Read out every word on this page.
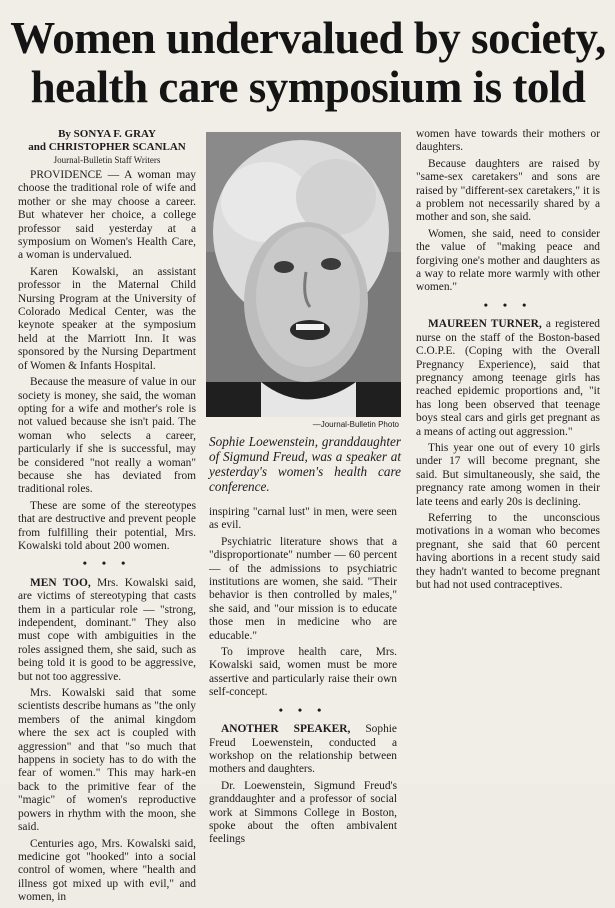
Women undervalued by society, health care symposium is told
By SONYA F. GRAY
and CHRISTOPHER SCANLAN
Journal-Bulletin Staff Writers

PROVIDENCE — A woman may choose the traditional role of wife and mother or she may choose a career. But whatever her choice, a college professor said yesterday at a symposium on Women's Health Care, a woman is undervalued.

Karen Kowalski, an assistant professor in the Maternal Child Nursing Program at the University of Colorado Medical Center, was the keynote speaker at the symposium held at the Marriott Inn. It was sponsored by the Nursing Department of Women & Infants Hospital.

Because the measure of value in our society is money, she said, the woman opting for a wife and mother's role is not valued because she isn't paid. The woman who selects a career, particularly if she is successful, may be considered "not really a woman" because she has deviated from traditional roles.

These are some of the stereotypes that are destructive and prevent people from fulfilling their potential, Mrs. Kowalski told about 200 women.

• • •

MEN TOO, Mrs. Kowalski said, are victims of stereotyping that casts them in a particular role — "strong, independent, dominant." They also must cope with ambiguities in the roles assigned them, she said, such as being told it is good to be aggressive, but not too aggressive.

Mrs. Kowalski said that some scientists describe humans as "the only members of the animal kingdom where the sex act is coupled with aggression" and that "so much that happens in society has to do with the fear of women." This may hark-en back to the primitive fear of the "magic" of women's reproductive powers in rhythm with the moon, she said.

Centuries ago, Mrs. Kowalski said, medicine got "hooked" into a social control of women, where "health and illness got mixed up with evil," and women, in

—Journal-Bulletin Photo
Sophie Loewenstein, granddaughter of Sigmund Freud, was a speaker at yesterday's women's health care conference.

inspiring "carnal lust" in men, were seen as evil.

Psychiatric literature shows that a "disproportionate" number — 60 percent — of the admissions to psychiatric institutions are women, she said. "Their behavior is then controlled by males," she said, and "our mission is to educate those men in medicine who are educable."

To improve health care, Mrs. Kowalski said, women must be more assertive and particularly raise their own self-concept.

• • •

ANOTHER SPEAKER, Sophie Freud Loewenstein, conducted a workshop on the relationship between mothers and daughters.

Dr. Loewenstein, Sigmund Freud's granddaughter and a professor of social work at Simmons College in Boston, spoke about the often ambivalent feelings

women have towards their mothers or daughters.

Because daughters are raised by "same-sex caretakers" and sons are raised by "different-sex caretakers," it is a problem not necessarily shared by a mother and son, she said.

Women, she said, need to consider the value of "making peace and forgiving one's mother and daughters as a way to relate more warmly with other women."

• • •

MAUREEN TURNER, a registered nurse on the staff of the Boston-based C.O.P.E. (Coping with the Overall Pregnancy Experience), said that pregnancy among teenage girls has reached epidemic proportions and, "it has long been observed that teenage boys steal cars and girls get pregnant as a means of acting out aggression."

This year one out of every 10 girls under 17 will become pregnant, she said. But simultaneously, she said, the pregnancy rate among women in their late teens and early 20s is declining.

Referring to the unconscious motivations in a woman who becomes pregnant, she said that 60 percent having abortions in a recent study said they hadn't wanted to become pregnant but had not used contraceptives.
